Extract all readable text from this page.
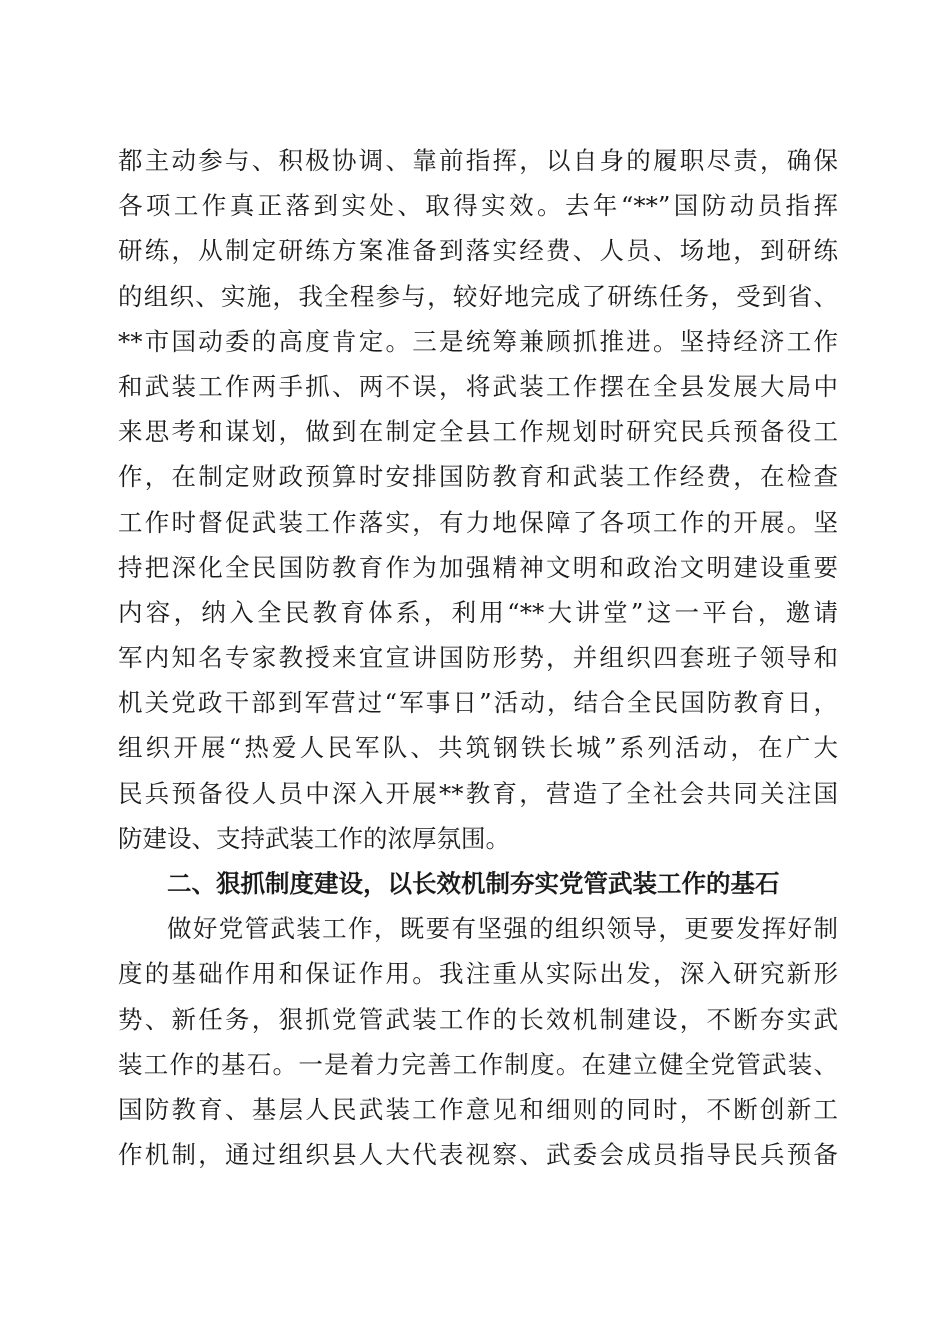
都主动参与、积极协调、靠前指挥，以自身的履职尽责，确保
各项工作真正落到实处、取得实效。去年“**”国防动员指挥
研练，从制定研练方案准备到落实经费、人员、场地，到研练
的组织、实施，我全程参与，较好地完成了研练任务，受到省、
**市国动委的高度肯定。三是统筹兼顾抓推进。坚持经济工作
和武装工作两手抓、两不误，将武装工作摆在全县发展大局中
来思考和谋划，做到在制定全县工作规划时研究民兵预备役工
作，在制定财政预算时安排国防教育和武装工作经费，在检查
工作时督促武装工作落实，有力地保障了各项工作的开展。坚
持把深化全民国防教育作为加强精神文明和政治文明建设重要
内容，纳入全民教育体系，利用“**大讲堂”这一平台，邀请
军内知名专家教授来宜宣讲国防形势，并组织四套班子领导和
机关党政干部到军营过“军事日”活动，结合全民国防教育日，
组织开展“热爱人民军队、共筑钢铁长城”系列活动，在广大
民兵预备役人员中深入开展**教育，营造了全社会共同关注国
防建设、支持武装工作的浓厚氛围。
二、狠抓制度建设，以长效机制夯实党管武装工作的基石
做好党管武装工作，既要有坚强的组织领导，更要发挥好制
度的基础作用和保证作用。我注重从实际出发，深入研究新形
势、新任务，狠抓党管武装工作的长效机制建设，不断夯实武
装工作的基石。一是着力完善工作制度。在建立健全党管武装、
国防教育、基层人民武装工作意见和细则的同时，不断创新工
作机制，通过组织县人大代表视察、武委会成员指导民兵预备
